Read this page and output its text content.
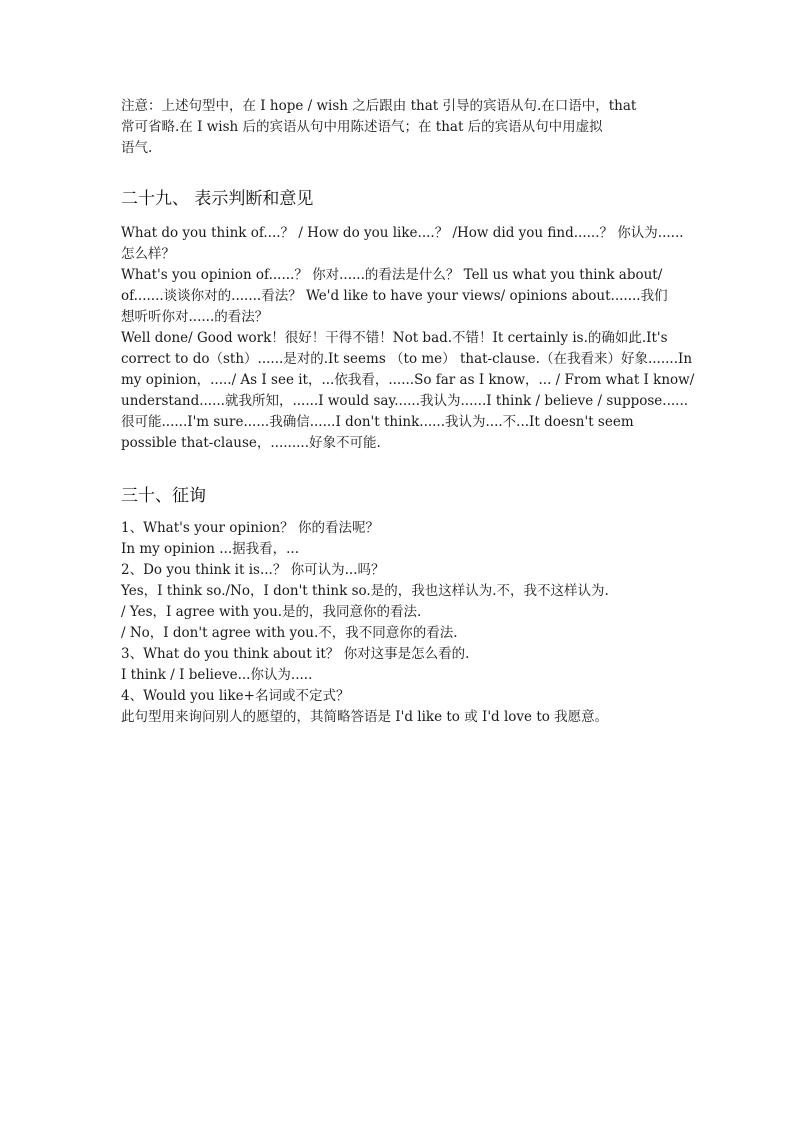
注意：上述句型中，在 I hope / wish 之后跟由 that 引导的宾语从句.在口语中，that
常可省略.在 I wish 后的宾语从句中用陈述语气；在 that 后的宾语从句中用虚拟
语气.
二十九、 表示判断和意见
What do you think of....？ / How do you like....？ /How did you find......？ 你认为......
怎么样？
What's you opinion of......？ 你对......的看法是什么？ Tell us what you think about/
of.......谈谈你对的.......看法？ We'd like to have your views/ opinions about.......我们
想听听你对......的看法？
Well done/ Good work！很好！干得不错！Not bad.不错！It certainly is.的确如此.It's
correct to do（sth）......是对的.It seems （to me） that-clause.（在我看来）好象.......In
my opinion，...../ As I see it，...依我看，......So far as I know，... / From what I know/
understand......就我所知，......I would say......我认为......I think / believe / suppose......
很可能......I'm sure......我确信......I don't think......我认为....不...It doesn't seem
possible that-clause，.........好象不可能.
三十、征询
1、What's your opinion？ 你的看法呢？
In my opinion ...据我看，...
2、Do you think it is...？ 你可认为...吗？
Yes，I think so./No，I don't think so.是的，我也这样认为.不，我不这样认为.
/ Yes，I agree with you.是的，我同意你的看法.
/ No，I don't agree with you.不，我不同意你的看法.
3、What do you think about it？ 你对这事是怎么看的.
I think / I believe...你认为.....
4、Would you like+名词或不定式？
此句型用来询问别人的愿望的，其简略答语是 I'd like to 或 I'd love to 我愿意。
